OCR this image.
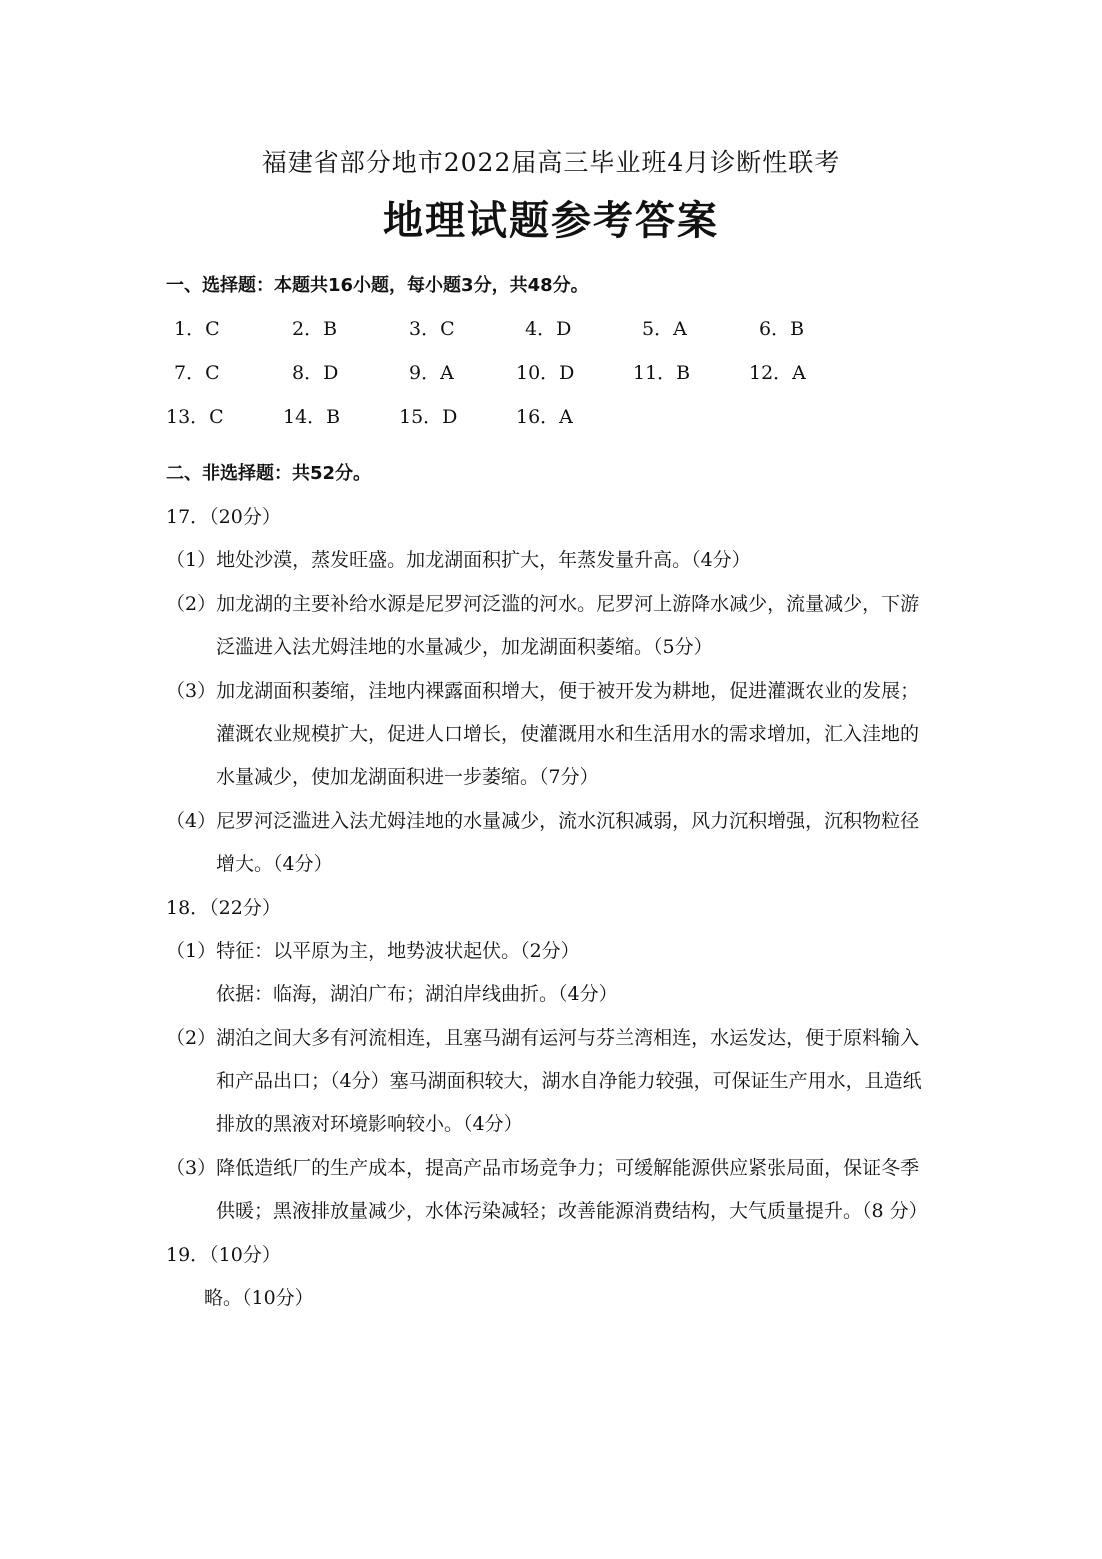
福建省部分地市2022届高三毕业班4月诊断性联考
地理试题参考答案
一、选择题：本题共16小题，每小题3分，共48分。
1．C	2．B	3．C	4．D	5．A	6．B
7．C	8．D	9．A	10．D	11．B	12．A
13．C	14．B	15．D	16．A
二、非选择题：共52分。
17．（20分）
（1）地处沙漠，蒸发旺盛。加龙湖面积扩大，年蒸发量升高。（4分）
（2）加龙湖的主要补给水源是尼罗河泛滥的河水。尼罗河上游降水减少，流量减少，下游
泛滥进入法尤姆洼地的水量减少，加龙湖面积萎缩。（5分）
（3）加龙湖面积萎缩，洼地内裸露面积增大，便于被开发为耕地，促进灌溉农业的发展；
灌溉农业规模扩大，促进人口增长，使灌溉用水和生活用水的需求增加，汇入洼地的
水量减少，使加龙湖面积进一步萎缩。（7分）
（4）尼罗河泛滥进入法尤姆洼地的水量减少，流水沉积减弱，风力沉积增强，沉积物粒径
增大。（4分）
18．（22分）
（1）特征：以平原为主，地势波状起伏。（2分）
依据：临海，湖泊广布；湖泊岸线曲折。（4分）
（2）湖泊之间大多有河流相连，且塞马湖有运河与芬兰湾相连，水运发达，便于原料输入
和产品出口；（4分）塞马湖面积较大，湖水自净能力较强，可保证生产用水，且造纸
排放的黑液对环境影响较小。（4分）
（3）降低造纸厂的生产成本，提高产品市场竞争力；可缓解能源供应紧张局面，保证冬季
供暖；黑液排放量减少，水体污染减轻；改善能源消费结构，大气质量提升。（8 分）
19．（10分）
略。（10分）
